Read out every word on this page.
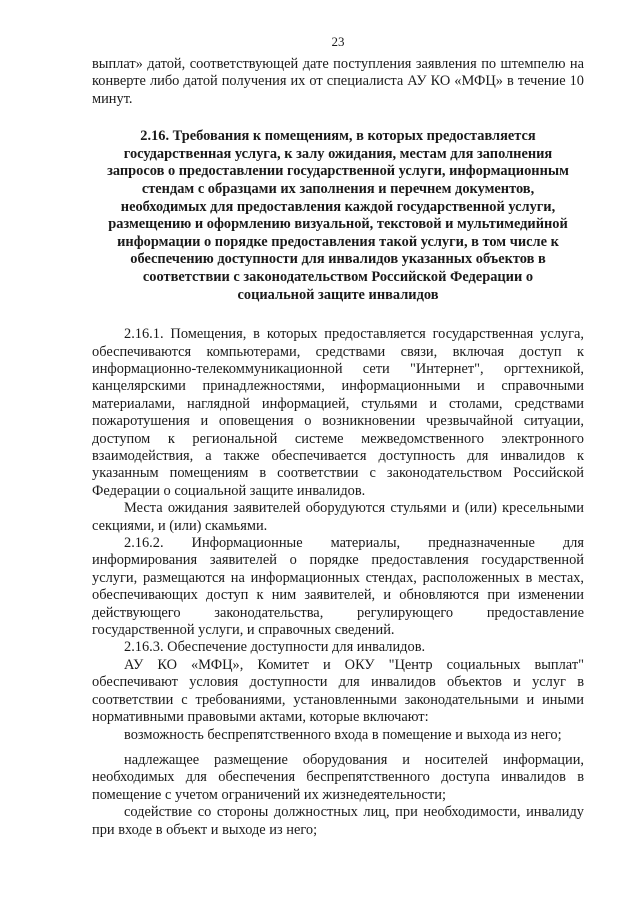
23

выплат» датой, соответствующей дате поступления заявления по штемпелю на конверте либо датой получения их от специалиста АУ КО «МФЦ» в течение 10 минут.

2.16. Требования к помещениям, в которых предоставляется
государственная услуга, к залу ожидания, местам для заполнения
запросов о предоставлении государственной услуги, информационным
стендам с образцами их заполнения и перечнем документов,
необходимых для предоставления каждой государственной услуги,
размещению и оформлению визуальной, текстовой и мультимедийной
информации о порядке предоставления такой услуги, в том числе к
обеспечению доступности для инвалидов указанных объектов в
соответствии с законодательством Российской Федерации о
социальной защите инвалидов

2.16.1. Помещения, в которых предоставляется государственная услуга, обеспечиваются компьютерами, средствами связи, включая доступ к информационно-телекоммуникационной сети "Интернет", оргтехникой, канцелярскими принадлежностями, информационными и справочными материалами, наглядной информацией, стульями и столами, средствами пожаротушения и оповещения о возникновении чрезвычайной ситуации, доступом к региональной системе межведомственного электронного взаимодействия, а также обеспечивается доступность для инвалидов к указанным помещениям в соответствии с законодательством Российской Федерации о социальной защите инвалидов.

Места ожидания заявителей оборудуются стульями и (или) кресельными секциями, и (или) скамьями.

2.16.2. Информационные материалы, предназначенные для информирования заявителей о порядке предоставления государственной услуги, размещаются на информационных стендах, расположенных в местах, обеспечивающих доступ к ним заявителей, и обновляются при изменении действующего законодательства, регулирующего предоставление государственной услуги, и справочных сведений.

2.16.3. Обеспечение доступности для инвалидов.

АУ КО «МФЦ», Комитет и ОКУ "Центр социальных выплат" обеспечивают условия доступности для инвалидов объектов и услуг в соответствии с требованиями, установленными законодательными и иными нормативными правовыми актами, которые включают:

возможность беспрепятственного входа в помещение и выхода из него;

надлежащее размещение оборудования и носителей информации, необходимых для обеспечения беспрепятственного доступа инвалидов в помещение с учетом ограничений их жизнедеятельности;

содействие со стороны должностных лиц, при необходимости, инвалиду при входе в объект и выходе из него;
